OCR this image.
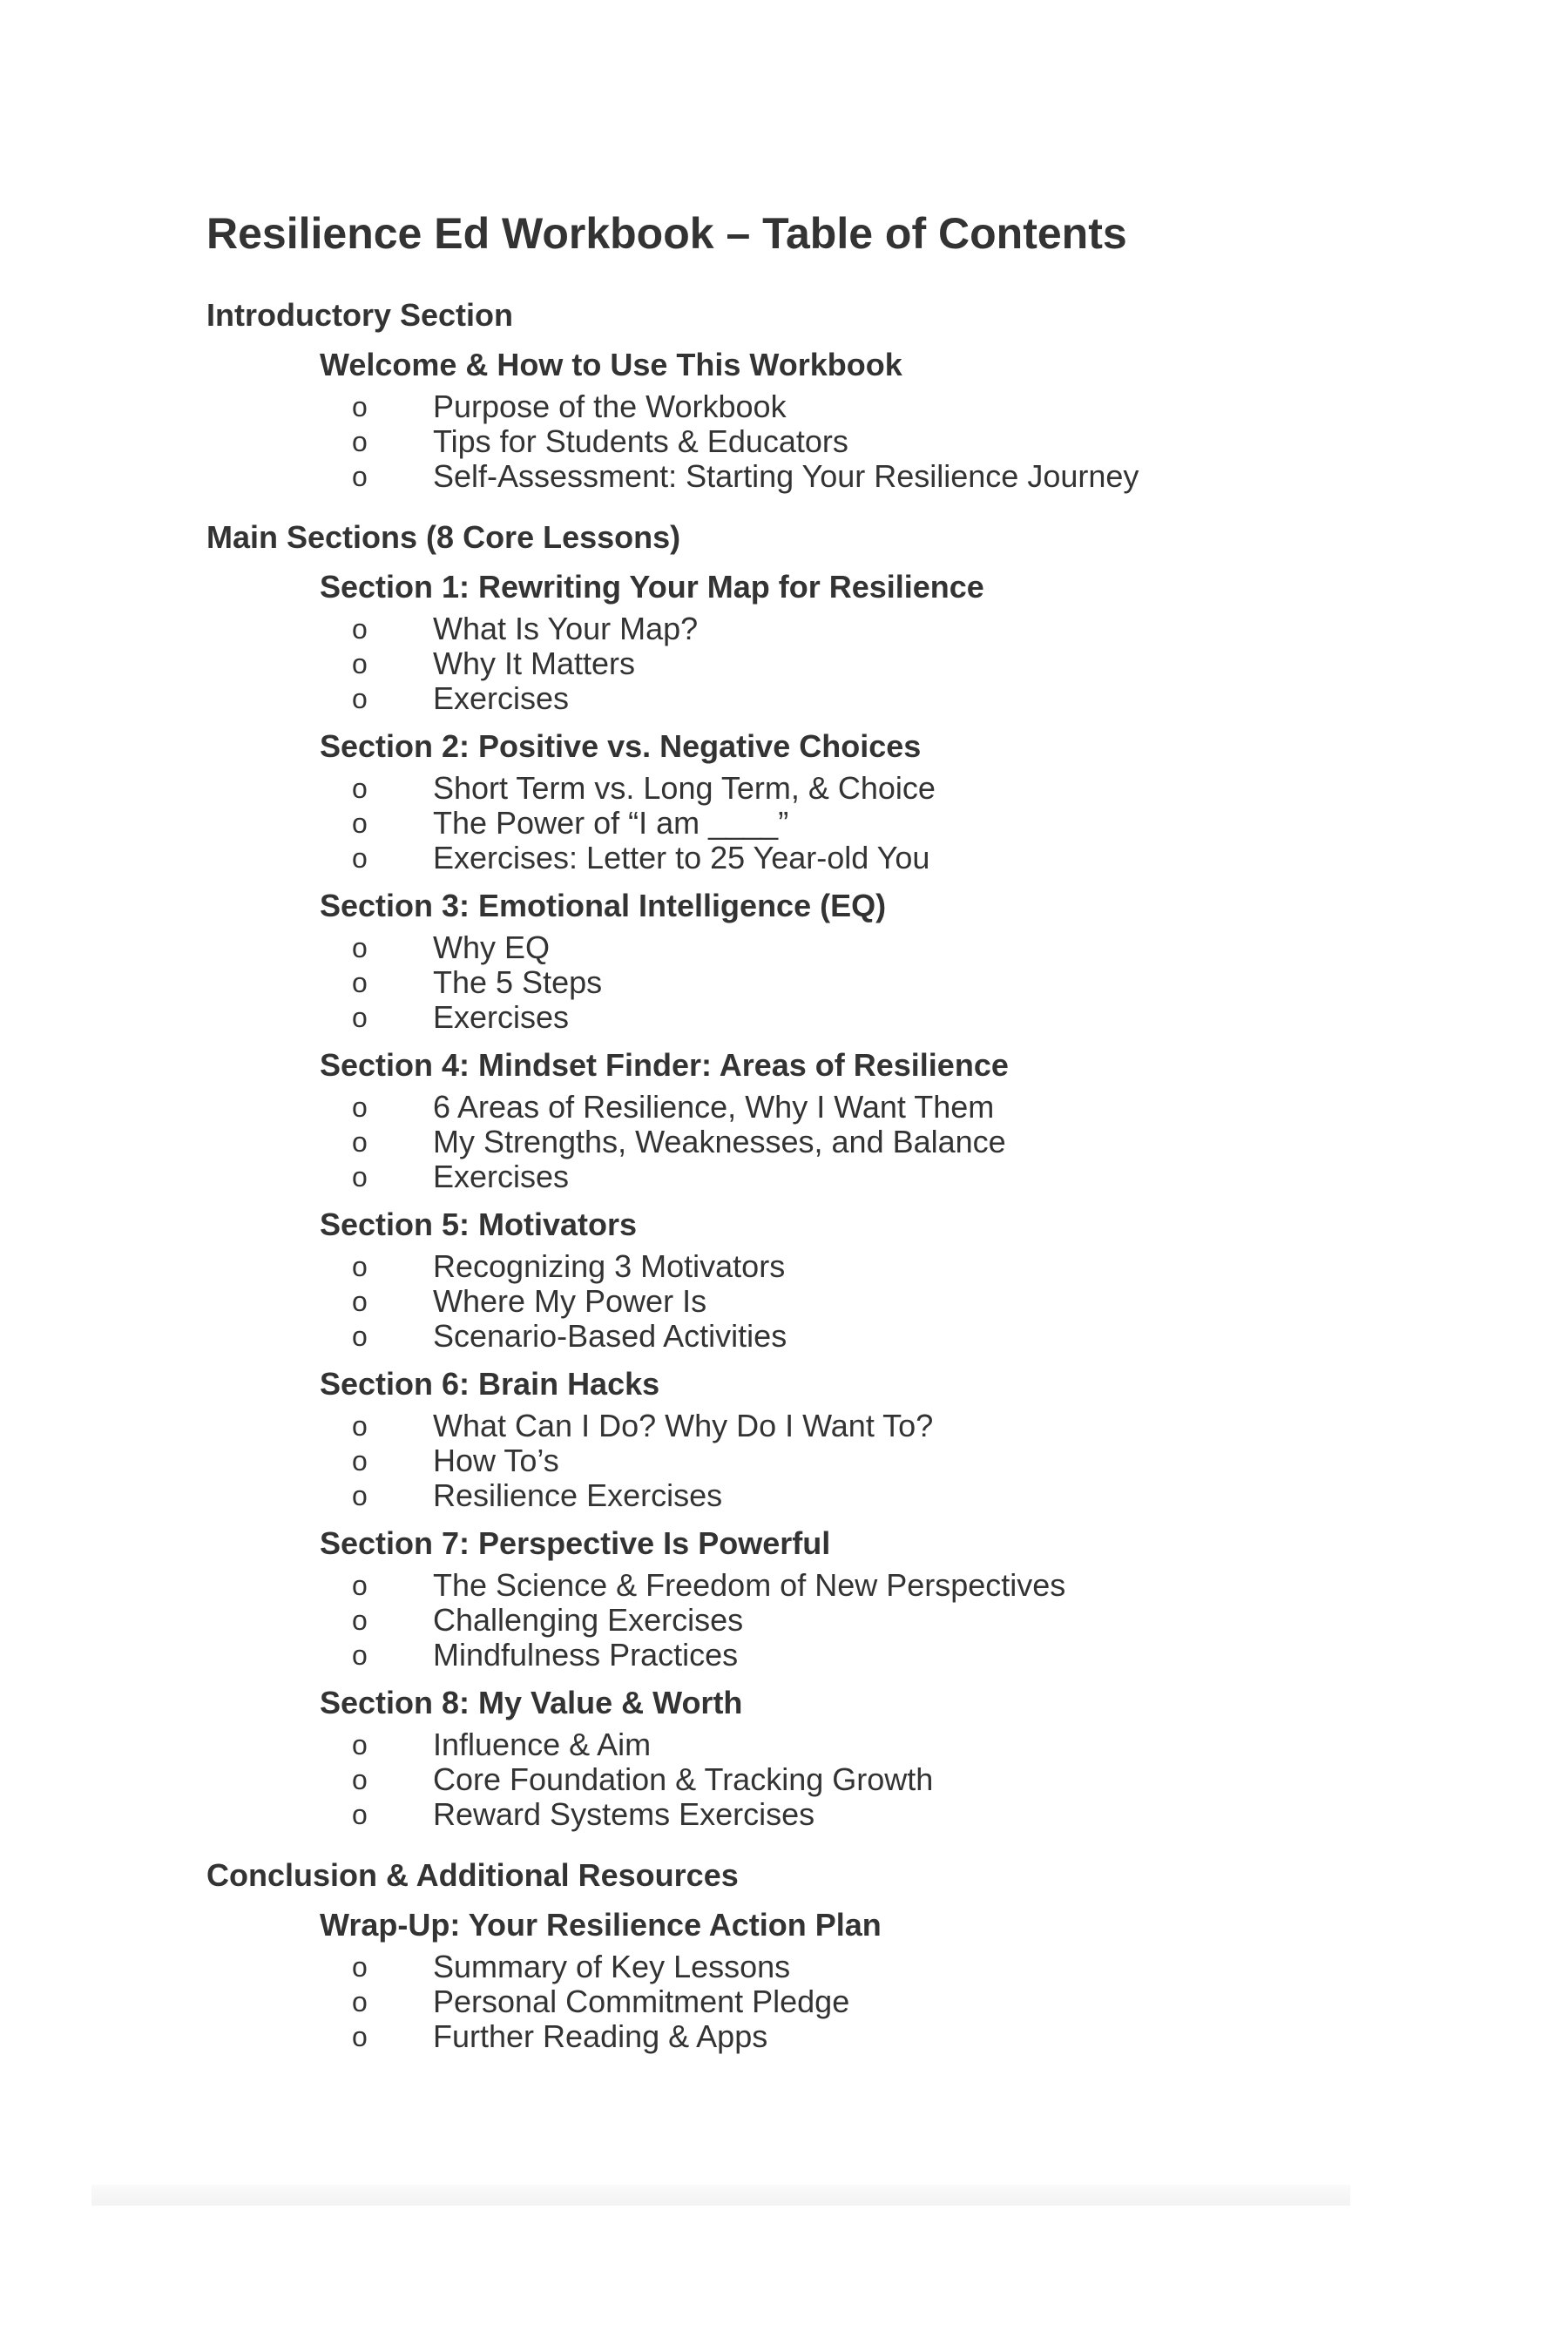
Resilience Ed Workbook – Table of Contents
Introductory Section
Welcome & How to Use This Workbook
o Purpose of the Workbook
o Tips for Students & Educators
o Self-Assessment: Starting Your Resilience Journey
Main Sections (8 Core Lessons)
Section 1: Rewriting Your Map for Resilience
o What Is Your Map?
o Why It Matters
o Exercises
Section 2: Positive vs. Negative Choices
o Short Term vs. Long Term, & Choice
o The Power of “I am ____”
o Exercises: Letter to 25 Year-old You
Section 3: Emotional Intelligence (EQ)
o Why EQ
o The 5 Steps
o Exercises
Section 4: Mindset Finder: Areas of Resilience
o 6 Areas of Resilience, Why I Want Them
o My Strengths, Weaknesses, and Balance
o Exercises
Section 5: Motivators
o Recognizing 3 Motivators
o Where My Power Is
o Scenario-Based Activities
Section 6: Brain Hacks
o What Can I Do? Why Do I Want To?
o How To’s
o Resilience Exercises
Section 7: Perspective Is Powerful
o The Science & Freedom of New Perspectives
o Challenging Exercises
o Mindfulness Practices
Section 8: My Value & Worth
o Influence & Aim
o Core Foundation & Tracking Growth
o Reward Systems Exercises
Conclusion & Additional Resources
Wrap-Up: Your Resilience Action Plan
o Summary of Key Lessons
o Personal Commitment Pledge
o Further Reading & Apps
